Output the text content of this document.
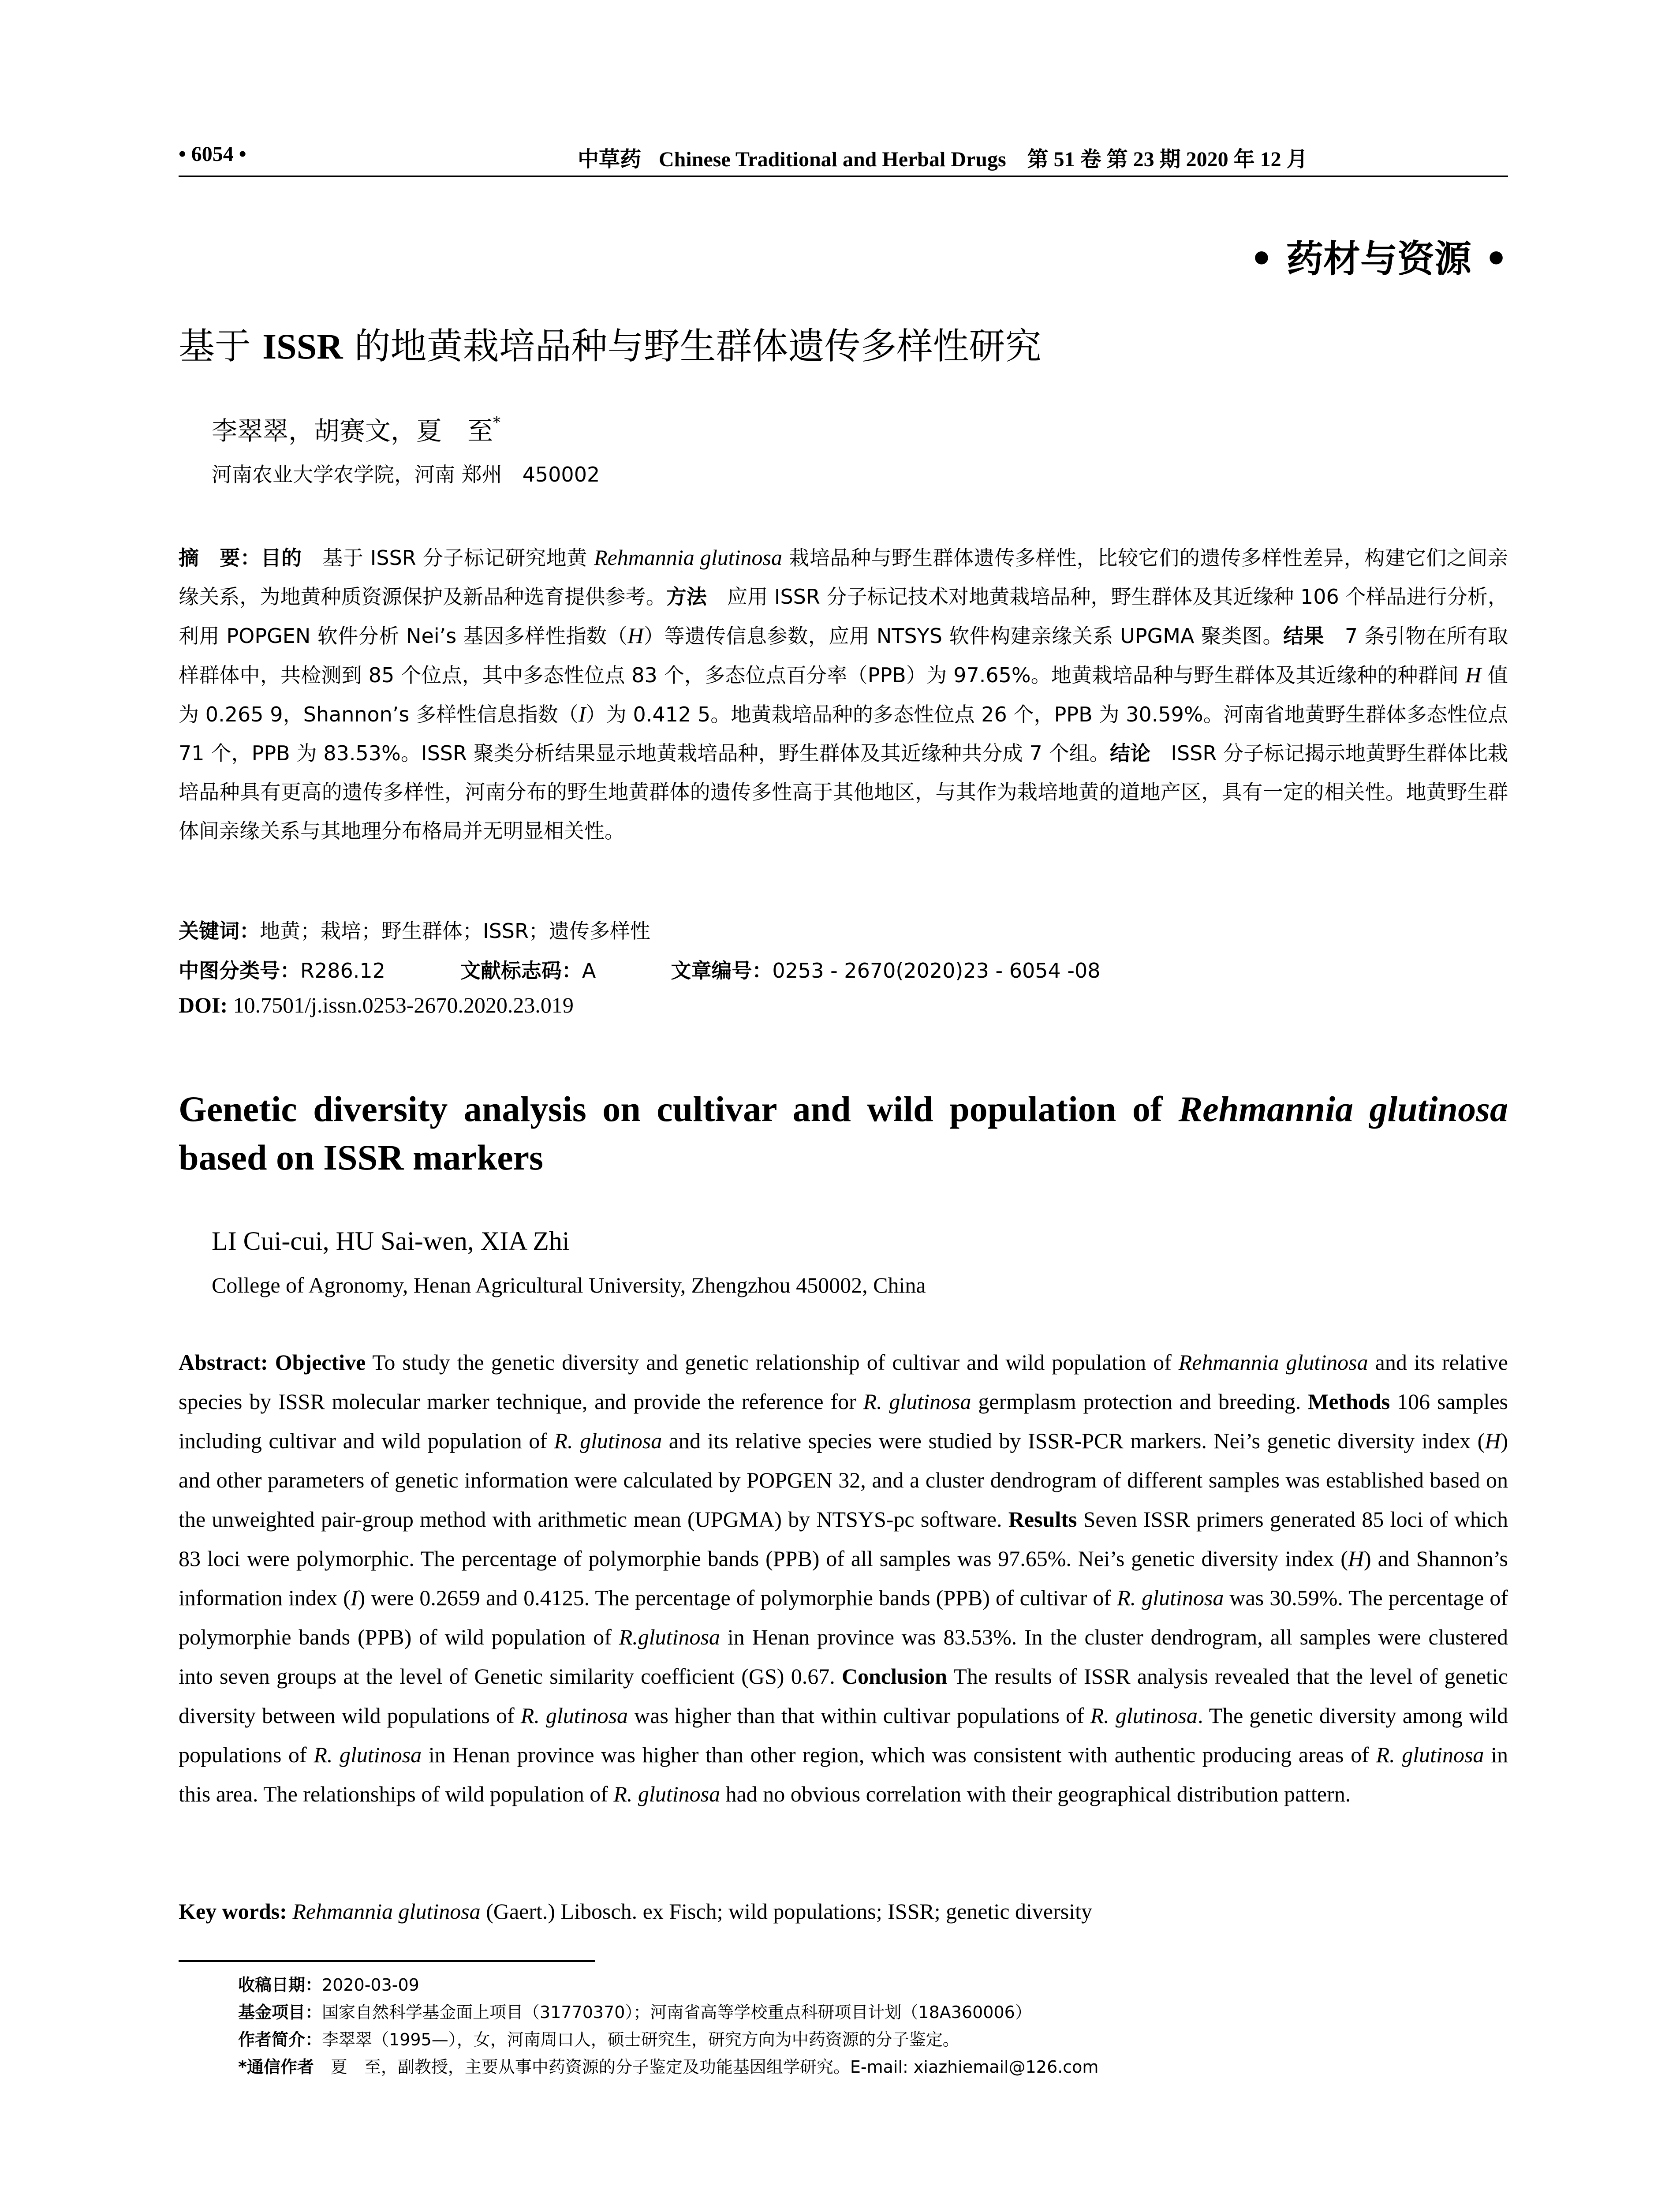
• 6054 •	中草药 Chinese Traditional and Herbal Drugs　第 51 卷 第 23 期 2020 年 12 月
• 药材与资源 •
基于 ISSR 的地黄栽培品种与野生群体遗传多样性研究
李翠翠，胡赛文，夏　至*
河南农业大学农学院，河南 郑州　450002
摘　要：目的　基于 ISSR 分子标记研究地黄 Rehmannia glutinosa 栽培品种与野生群体遗传多样性，比较它们的遗传多样性差异，构建它们之间亲缘关系，为地黄种质资源保护及新品种选育提供参考。方法　应用 ISSR 分子标记技术对地黄栽培品种，野生群体及其近缘种 106 个样品进行分析，利用 POPGEN 软件分析 Nei’s 基因多样性指数（H）等遗传信息参数，应用 NTSYS 软件构建亲缘关系 UPGMA 聚类图。结果　7 条引物在所有取样群体中，共检测到 85 个位点，其中多态性位点 83 个，多态位点百分率（PPB）为 97.65%。地黄栽培品种与野生群体及其近缘种的种群间 H 值为 0.265 9，Shannon’s 多样性信息指数（I）为 0.412 5。地黄栽培品种的多态性位点 26 个，PPB 为 30.59%。河南省地黄野生群体多态性位点 71 个，PPB 为 83.53%。ISSR 聚类分析结果显示地黄栽培品种，野生群体及其近缘种共分成 7 个组。结论　ISSR 分子标记揭示地黄野生群体比栽培品种具有更高的遗传多样性，河南分布的野生地黄群体的遗传多性高于其他地区，与其作为栽培地黄的道地产区，具有一定的相关性。地黄野生群体间亲缘关系与其地理分布格局并无明显相关性。
关键词：地黄；栽培；野生群体；ISSR；遗传多样性
中图分类号：R286.12	文献标志码：A	文章编号：0253 - 2670(2020)23 - 6054 -08
DOI: 10.7501/j.issn.0253-2670.2020.23.019
Genetic diversity analysis on cultivar and wild population of Rehmannia glutinosa based on ISSR markers
LI Cui-cui, HU Sai-wen, XIA Zhi
College of Agronomy, Henan Agricultural University, Zhengzhou 450002, China
Abstract: Objective To study the genetic diversity and genetic relationship of cultivar and wild population of Rehmannia glutinosa and its relative species by ISSR molecular marker technique, and provide the reference for R. glutinosa germplasm protection and breeding. Methods 106 samples including cultivar and wild population of R. glutinosa and its relative species were studied by ISSR-PCR markers. Nei’s genetic diversity index (H) and other parameters of genetic information were calculated by POPGEN 32, and a cluster dendrogram of different samples was established based on the unweighted pair-group method with arithmetic mean (UPGMA) by NTSYS-pc software. Results Seven ISSR primers generated 85 loci of which 83 loci were polymorphic. The percentage of polymorphie bands (PPB) of all samples was 97.65%. Nei’s genetic diversity index (H) and Shannon’s information index (I) were 0.2659 and 0.4125. The percentage of polymorphie bands (PPB) of cultivar of R. glutinosa was 30.59%. The percentage of polymorphie bands (PPB) of wild population of R.glutinosa in Henan province was 83.53%. In the cluster dendrogram, all samples were clustered into seven groups at the level of Genetic similarity coefficient (GS) 0.67. Conclusion The results of ISSR analysis revealed that the level of genetic diversity between wild populations of R. glutinosa was higher than that within cultivar populations of R. glutinosa. The genetic diversity among wild populations of R. glutinosa in Henan province was higher than other region, which was consistent with authentic producing areas of R. glutinosa in this area. The relationships of wild population of R. glutinosa had no obvious correlation with their geographical distribution pattern.
Key words: Rehmannia glutinosa (Gaert.) Libosch. ex Fisch; wild populations; ISSR; genetic diversity
收稿日期：2020-03-09
基金项目：国家自然科学基金面上项目（31770370）；河南省高等学校重点科研项目计划（18A360006）
作者简介：李翠翠（1995—），女，河南周口人，硕士研究生，研究方向为中药资源的分子鉴定。
*通信作者　夏　至，副教授，主要从事中药资源的分子鉴定及功能基因组学研究。E-mail: xiazhiemail@126.com
